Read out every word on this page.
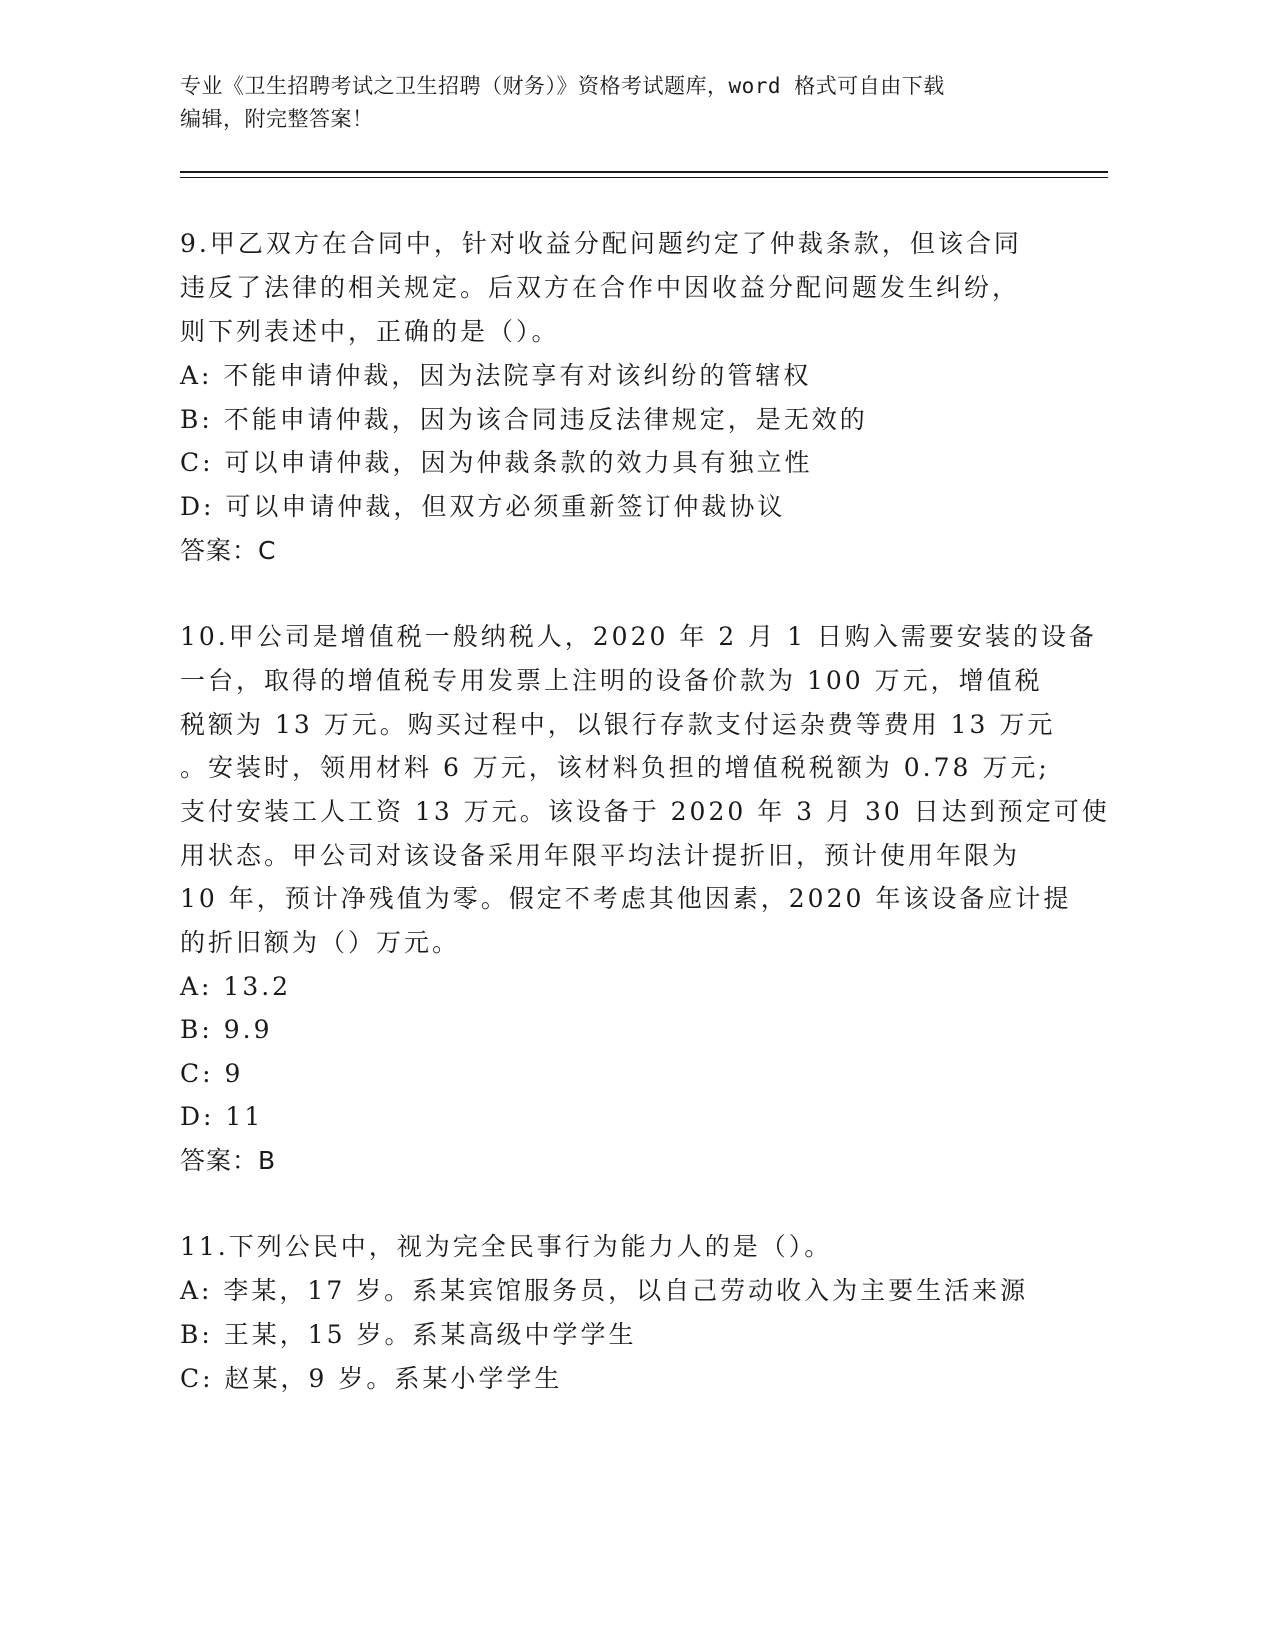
专业《卫生招聘考试之卫生招聘（财务）》资格考试题库，word 格式可自由下载
编辑，附完整答案！
9.甲乙双方在合同中，针对收益分配问题约定了仲裁条款，但该合同
违反了法律的相关规定。后双方在合作中因收益分配问题发生纠纷，
则下列表述中，正确的是（）。
A: 不能申请仲裁，因为法院享有对该纠纷的管辖权
B: 不能申请仲裁，因为该合同违反法律规定，是无效的
C: 可以申请仲裁，因为仲裁条款的效力具有独立性
D: 可以申请仲裁，但双方必须重新签订仲裁协议
答案：C
10.甲公司是增值税一般纳税人，2020 年 2 月 1 日购入需要安装的设备
一台，取得的增值税专用发票上注明的设备价款为 100 万元，增值税
税额为 13 万元。购买过程中，以银行存款支付运杂费等费用 13 万元
。安装时，领用材料 6 万元，该材料负担的增值税税额为 0.78 万元;
支付安装工人工资 13 万元。该设备于 2020 年 3 月 30 日达到预定可使
用状态。甲公司对该设备采用年限平均法计提折旧，预计使用年限为
10 年，预计净残值为零。假定不考虑其他因素，2020 年该设备应计提
的折旧额为（）万元。
A: 13.2
B: 9.9
C: 9
D: 11
答案：B
11.下列公民中，视为完全民事行为能力人的是（）。
A: 李某，17 岁。系某宾馆服务员，以自己劳动收入为主要生活来源
B: 王某，15 岁。系某高级中学学生
C: 赵某，9 岁。系某小学学生
